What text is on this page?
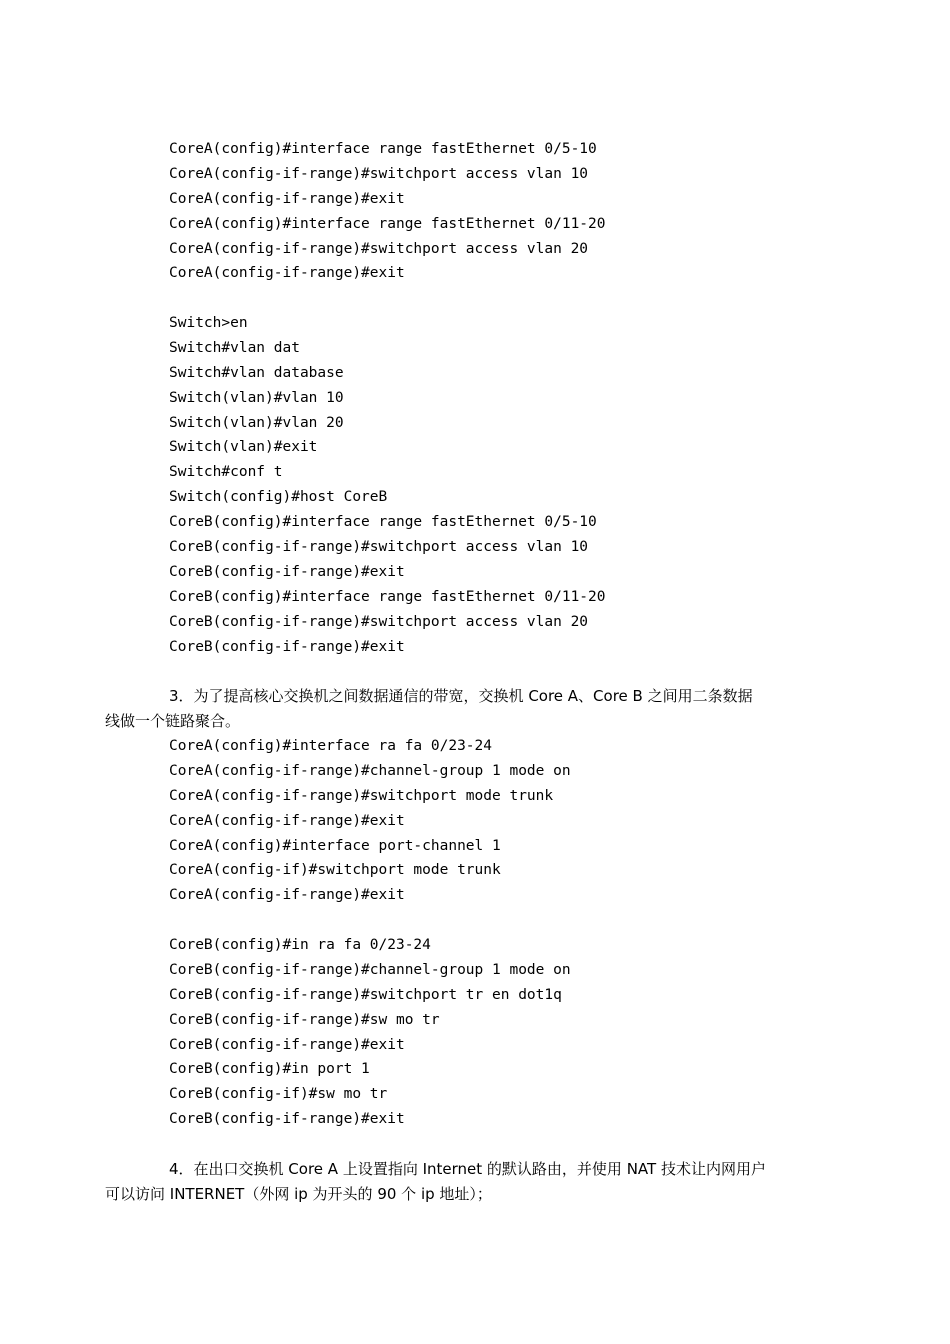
CoreA(config)#interface range fastEthernet 0/5-10
CoreA(config-if-range)#switchport access vlan 10
CoreA(config-if-range)#exit
CoreA(config)#interface range fastEthernet 0/11-20
CoreA(config-if-range)#switchport access vlan 20
CoreA(config-if-range)#exit
Switch>en
Switch#vlan dat
Switch#vlan database
Switch(vlan)#vlan 10
Switch(vlan)#vlan 20
Switch(vlan)#exit
Switch#conf t
Switch(config)#host CoreB
CoreB(config)#interface range fastEthernet 0/5-10
CoreB(config-if-range)#switchport access vlan 10
CoreB(config-if-range)#exit
CoreB(config)#interface range fastEthernet 0/11-20
CoreB(config-if-range)#switchport access vlan 20
CoreB(config-if-range)#exit
3．为了提高核心交换机之间数据通信的带宽，交换机 Core A、Core B 之间用二条数据
线做一个链路聚合。
CoreA(config)#interface ra fa 0/23-24
CoreA(config-if-range)#channel-group 1 mode on
CoreA(config-if-range)#switchport mode trunk
CoreA(config-if-range)#exit
CoreA(config)#interface port-channel 1
CoreA(config-if)#switchport mode trunk
CoreA(config-if-range)#exit
CoreB(config)#in ra fa 0/23-24
CoreB(config-if-range)#channel-group 1 mode on
CoreB(config-if-range)#switchport tr en dot1q
CoreB(config-if-range)#sw mo tr
CoreB(config-if-range)#exit
CoreB(config)#in port 1
CoreB(config-if)#sw mo tr
CoreB(config-if-range)#exit
4．在出口交换机 Core A 上设置指向 Internet 的默认路由，并使用 NAT 技术让内网用户
可以访问 INTERNET（外网 ip 为开头的 90 个 ip 地址）；
